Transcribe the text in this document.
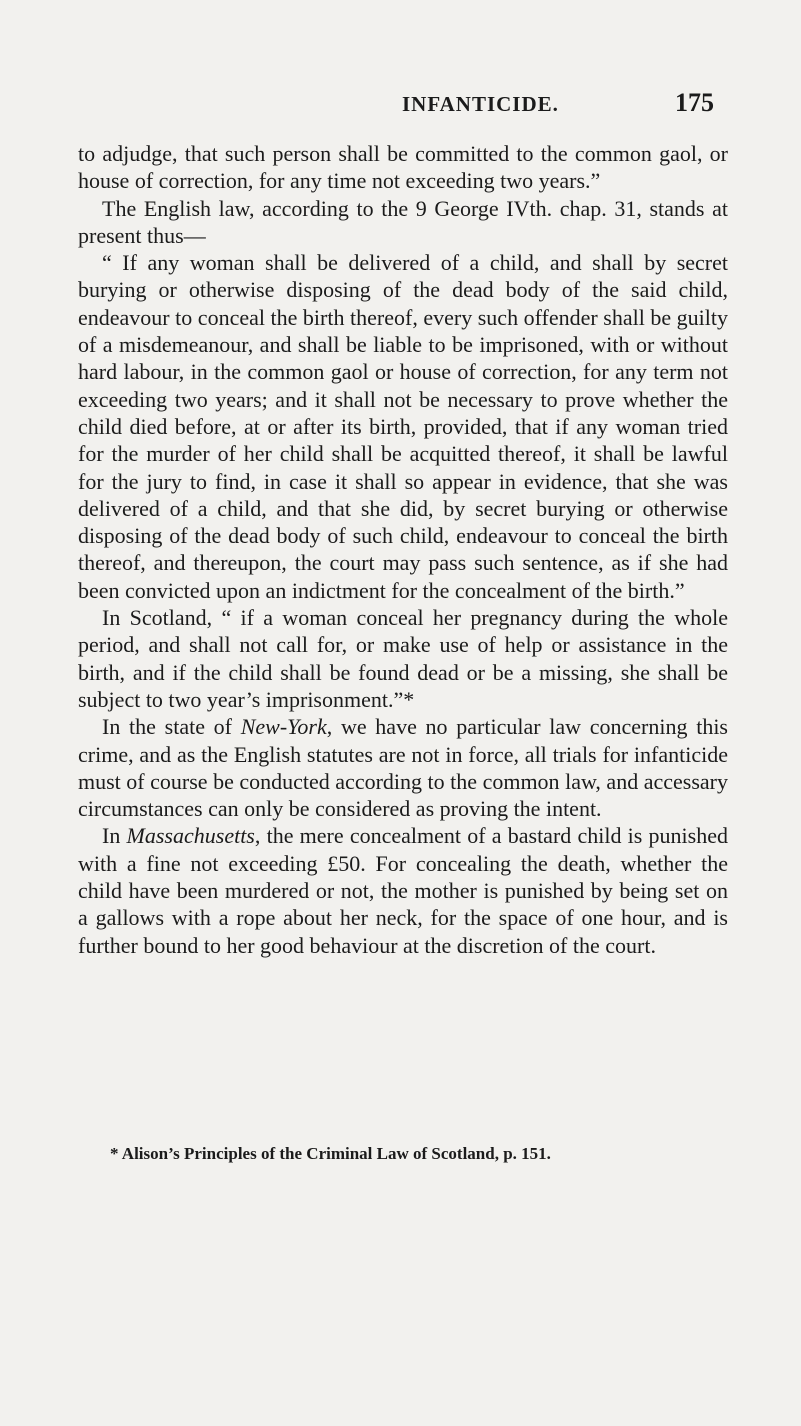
INFANTICIDE.	175

to adjudge, that such person shall be committed to the common gaol, or house of correction, for any time not exceeding two years.”

The English law, according to the 9 George IVth. chap. 31, stands at present thus—

“ If any woman shall be delivered of a child, and shall by secret burying or otherwise disposing of the dead body of the said child, endeavour to conceal the birth thereof, every such offender shall be guilty of a misdemeanour, and shall be liable to be imprisoned, with or without hard labour, in the common gaol or house of correction, for any term not exceeding two years; and it shall not be necessary to prove whether the child died before, at or after its birth, provided, that if any woman tried for the murder of her child shall be acquitted thereof, it shall be lawful for the jury to find, in case it shall so appear in evidence, that she was delivered of a child, and that she did, by secret burying or otherwise disposing of the dead body of such child, endeavour to conceal the birth thereof, and thereupon, the court may pass such sentence, as if she had been convicted upon an indictment for the concealment of the birth.”

In Scotland, “ if a woman conceal her pregnancy during the whole period, and shall not call for, or make use of help or assistance in the birth, and if the child shall be found dead or be a missing, she shall be subject to two year’s imprisonment.”*

In the state of New-York, we have no particular law concerning this crime, and as the English statutes are not in force, all trials for infanticide must of course be conducted according to the common law, and accessary circumstances can only be considered as proving the intent.

In Massachusetts, the mere concealment of a bastard child is punished with a fine not exceeding £50. For concealing the death, whether the child have been murdered or not, the mother is punished by being set on a gallows with a rope about her neck, for the space of one hour, and is further bound to her good behaviour at the discretion of the court.

* Alison’s Principles of the Criminal Law of Scotland, p. 151.
